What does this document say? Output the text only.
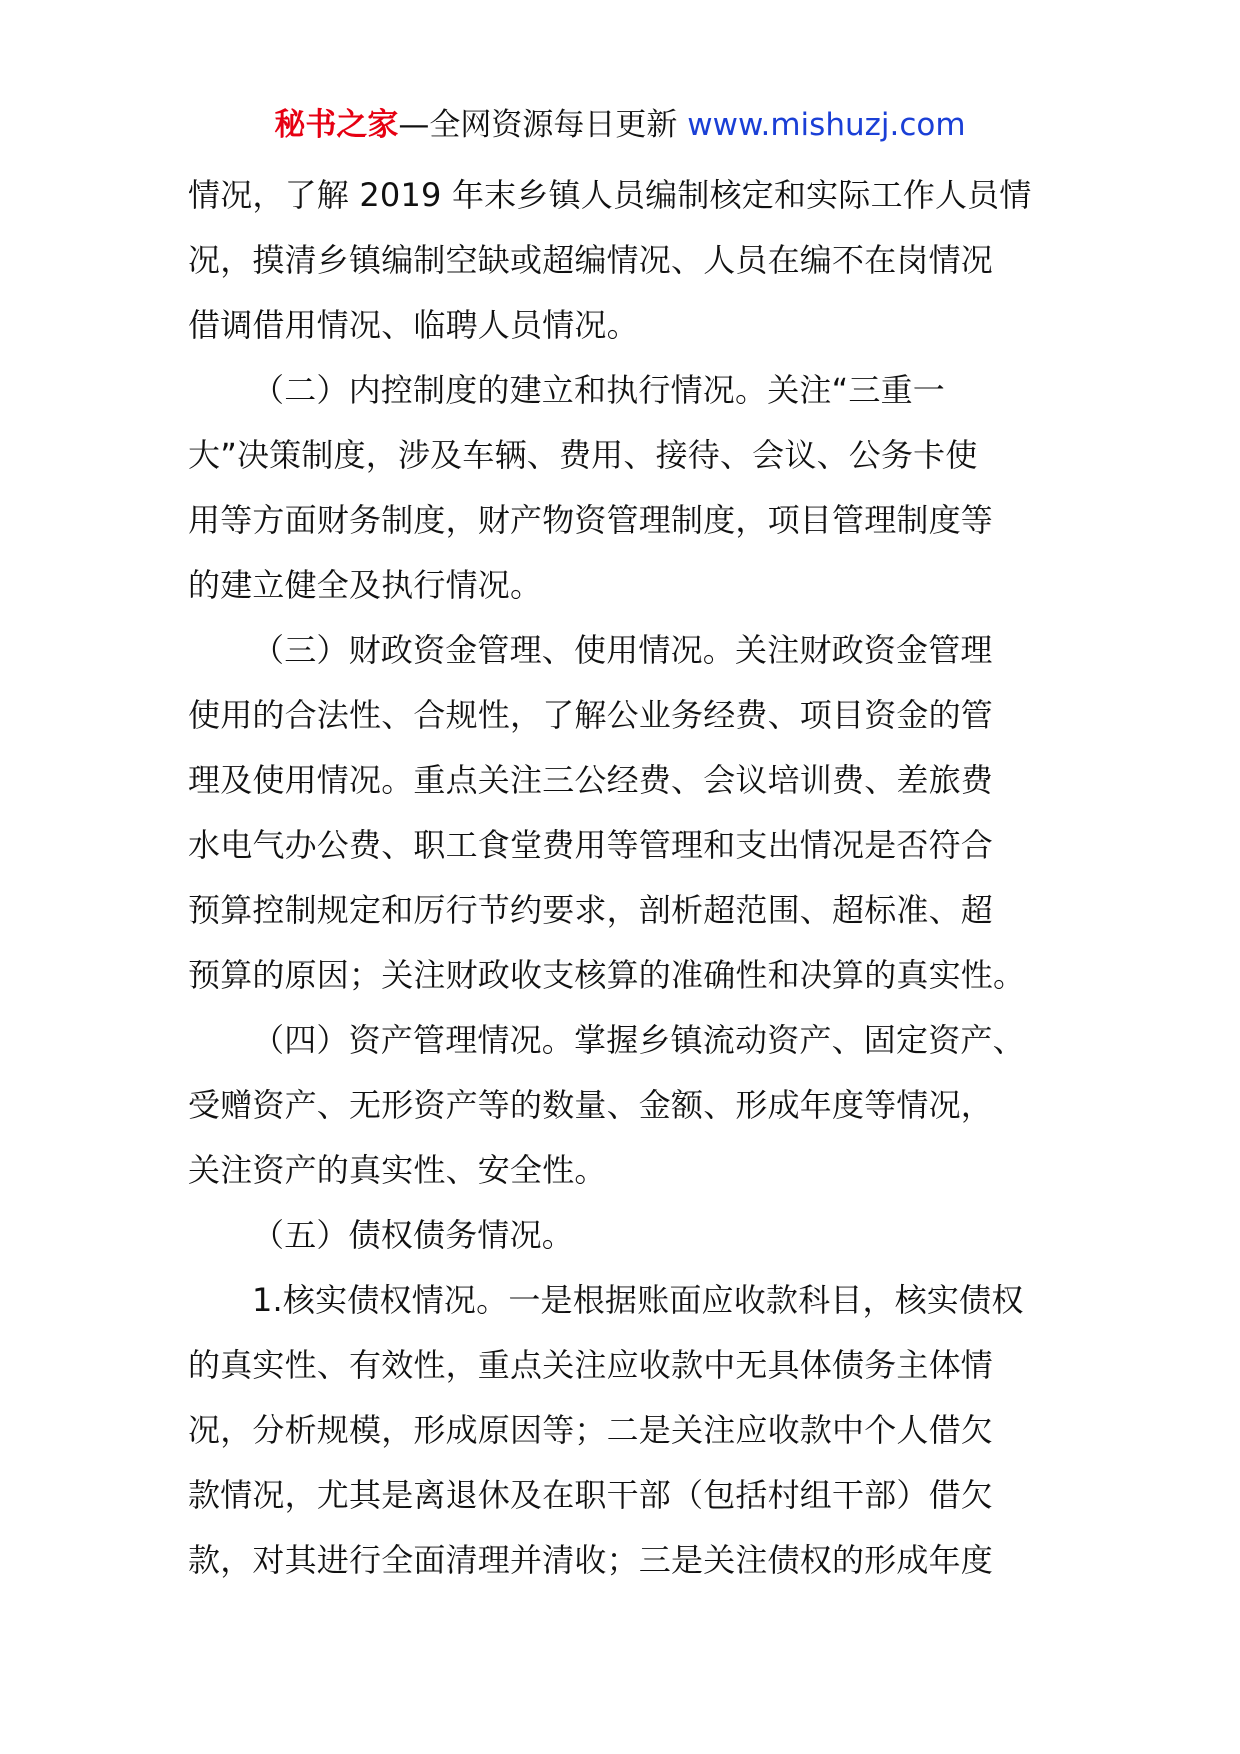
秘书之家—全网资源每日更新 www.mishuzj.com
情况，了解 2019 年末乡镇人员编制核定和实际工作人员情
况，摸清乡镇编制空缺或超编情况、人员在编不在岗情况
借调借用情况、临聘人员情况。
（二）内控制度的建立和执行情况。关注“三重一
大”决策制度，涉及车辆、费用、接待、会议、公务卡使
用等方面财务制度，财产物资管理制度，项目管理制度等
的建立健全及执行情况。
（三）财政资金管理、使用情况。关注财政资金管理
使用的合法性、合规性，了解公业务经费、项目资金的管
理及使用情况。重点关注三公经费、会议培训费、差旅费
水电气办公费、职工食堂费用等管理和支出情况是否符合
预算控制规定和厉行节约要求，剖析超范围、超标准、超
预算的原因；关注财政收支核算的准确性和决算的真实性。
（四）资产管理情况。掌握乡镇流动资产、固定资产、
受赠资产、无形资产等的数量、金额、形成年度等情况，
关注资产的真实性、安全性。
（五）债权债务情况。
1.核实债权情况。一是根据账面应收款科目，核实债权
的真实性、有效性，重点关注应收款中无具体债务主体情
况，分析规模，形成原因等；二是关注应收款中个人借欠
款情况，尤其是离退休及在职干部（包括村组干部）借欠
款，对其进行全面清理并清收；三是关注债权的形成年度
